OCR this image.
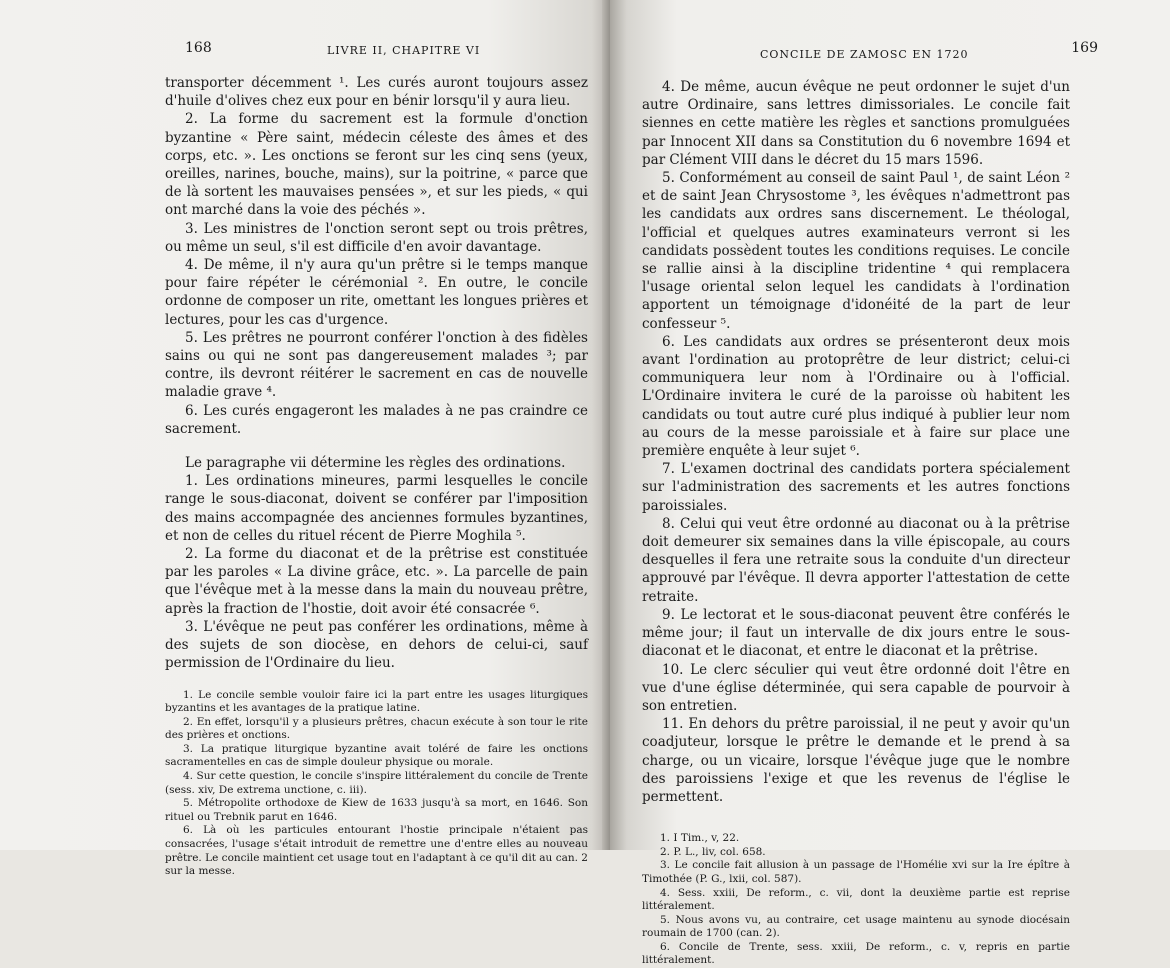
168	LIVRE II, CHAPITRE VI

transporter décemment ¹. Les curés auront toujours assez d'huile d'olives chez eux pour en bénir lorsqu'il y aura lieu.

2. La forme du sacrement est la formule d'onction byzantine « Père saint, médecin céleste des âmes et des corps, etc. ». Les onctions se feront sur les cinq sens (yeux, oreilles, narines, bouche, mains), sur la poitrine, « parce que de là sortent les mauvaises pensées », et sur les pieds, « qui ont marché dans la voie des péchés ».

3. Les ministres de l'onction seront sept ou trois prêtres, ou même un seul, s'il est difficile d'en avoir davantage.

4. De même, il n'y aura qu'un prêtre si le temps manque pour faire répéter le cérémonial ². En outre, le concile ordonne de composer un rite, omettant les longues prières et lectures, pour les cas d'urgence.

5. Les prêtres ne pourront conférer l'onction à des fidèles sains ou qui ne sont pas dangereusement malades ³; par contre, ils devront réitérer le sacrement en cas de nouvelle maladie grave ⁴.

6. Les curés engageront les malades à ne pas craindre ce sacrement.

Le paragraphe vii détermine les règles des ordinations.

1. Les ordinations mineures, parmi lesquelles le concile range le sous-diaconat, doivent se conférer par l'imposition des mains accompagnée des anciennes formules byzantines, et non de celles du rituel récent de Pierre Moghila ⁵.

2. La forme du diaconat et de la prêtrise est constituée par les paroles « La divine grâce, etc. ». La parcelle de pain que l'évêque met à la messe dans la main du nouveau prêtre, après la fraction de l'hostie, doit avoir été consacrée ⁶.

3. L'évêque ne peut pas conférer les ordinations, même à des sujets de son diocèse, en dehors de celui-ci, sauf permission de l'Ordinaire du lieu.

1. Le concile semble vouloir faire ici la part entre les usages liturgiques byzantins et les avantages de la pratique latine.

2. En effet, lorsqu'il y a plusieurs prêtres, chacun exécute à son tour le rite des prières et onctions.

3. La pratique liturgique byzantine avait toléré de faire les onctions sacramentelles en cas de simple douleur physique ou morale.

4. Sur cette question, le concile s'inspire littéralement du concile de Trente (sess. xiv, De extrema unctione, c. iii).

5. Métropolite orthodoxe de Kiew de 1633 jusqu'à sa mort, en 1646. Son rituel ou Trebnik parut en 1646.

6. Là où les particules entourant l'hostie principale n'étaient pas consacrées, l'usage s'était introduit de remettre une d'entre elles au nouveau prêtre. Le concile maintient cet usage tout en l'adaptant à ce qu'il dit au can. 2 sur la messe.

CONCILE DE ZAMOSC EN 1720	169

4. De même, aucun évêque ne peut ordonner le sujet d'un autre Ordinaire, sans lettres dimissoriales. Le concile fait siennes en cette matière les règles et sanctions promulguées par Innocent XII dans sa Constitution du 6 novembre 1694 et par Clément VIII dans le décret du 15 mars 1596.

5. Conformément au conseil de saint Paul ¹, de saint Léon ² et de saint Jean Chrysostome ³, les évêques n'admettront pas les candidats aux ordres sans discernement. Le théologal, l'official et quelques autres examinateurs verront si les candidats possèdent toutes les conditions requises. Le concile se rallie ainsi à la discipline tridentine ⁴ qui remplacera l'usage oriental selon lequel les candidats à l'ordination apportent un témoignage d'idonéité de la part de leur confesseur ⁵.

6. Les candidats aux ordres se présenteront deux mois avant l'ordination au protoprêtre de leur district; celui-ci communiquera leur nom à l'Ordinaire ou à l'official. L'Ordinaire invitera le curé de la paroisse où habitent les candidats ou tout autre curé plus indiqué à publier leur nom au cours de la messe paroissiale et à faire sur place une première enquête à leur sujet ⁶.

7. L'examen doctrinal des candidats portera spécialement sur l'administration des sacrements et les autres fonctions paroissiales.

8. Celui qui veut être ordonné au diaconat ou à la prêtrise doit demeurer six semaines dans la ville épiscopale, au cours desquelles il fera une retraite sous la conduite d'un directeur approuvé par l'évêque. Il devra apporter l'attestation de cette retraite.

9. Le lectorat et le sous-diaconat peuvent être conférés le même jour; il faut un intervalle de dix jours entre le sous-diaconat et le diaconat, et entre le diaconat et la prêtrise.

10. Le clerc séculier qui veut être ordonné doit l'être en vue d'une église déterminée, qui sera capable de pourvoir à son entretien.

11. En dehors du prêtre paroissial, il ne peut y avoir qu'un coadjuteur, lorsque le prêtre le demande et le prend à sa charge, ou un vicaire, lorsque l'évêque juge que le nombre des paroissiens l'exige et que les revenus de l'église le permettent.

1. I Tim., v, 22.

2. P. L., liv, col. 658.

3. Le concile fait allusion à un passage de l'Homélie xvi sur la Ire épître à Timothée (P. G., lxii, col. 587).

4. Sess. xxiii, De reform., c. vii, dont la deuxième partie est reprise littéralement.

5. Nous avons vu, au contraire, cet usage maintenu au synode diocésain roumain de 1700 (can. 2).

6. Concile de Trente, sess. xxiii, De reform., c. v, repris en partie littéralement.
